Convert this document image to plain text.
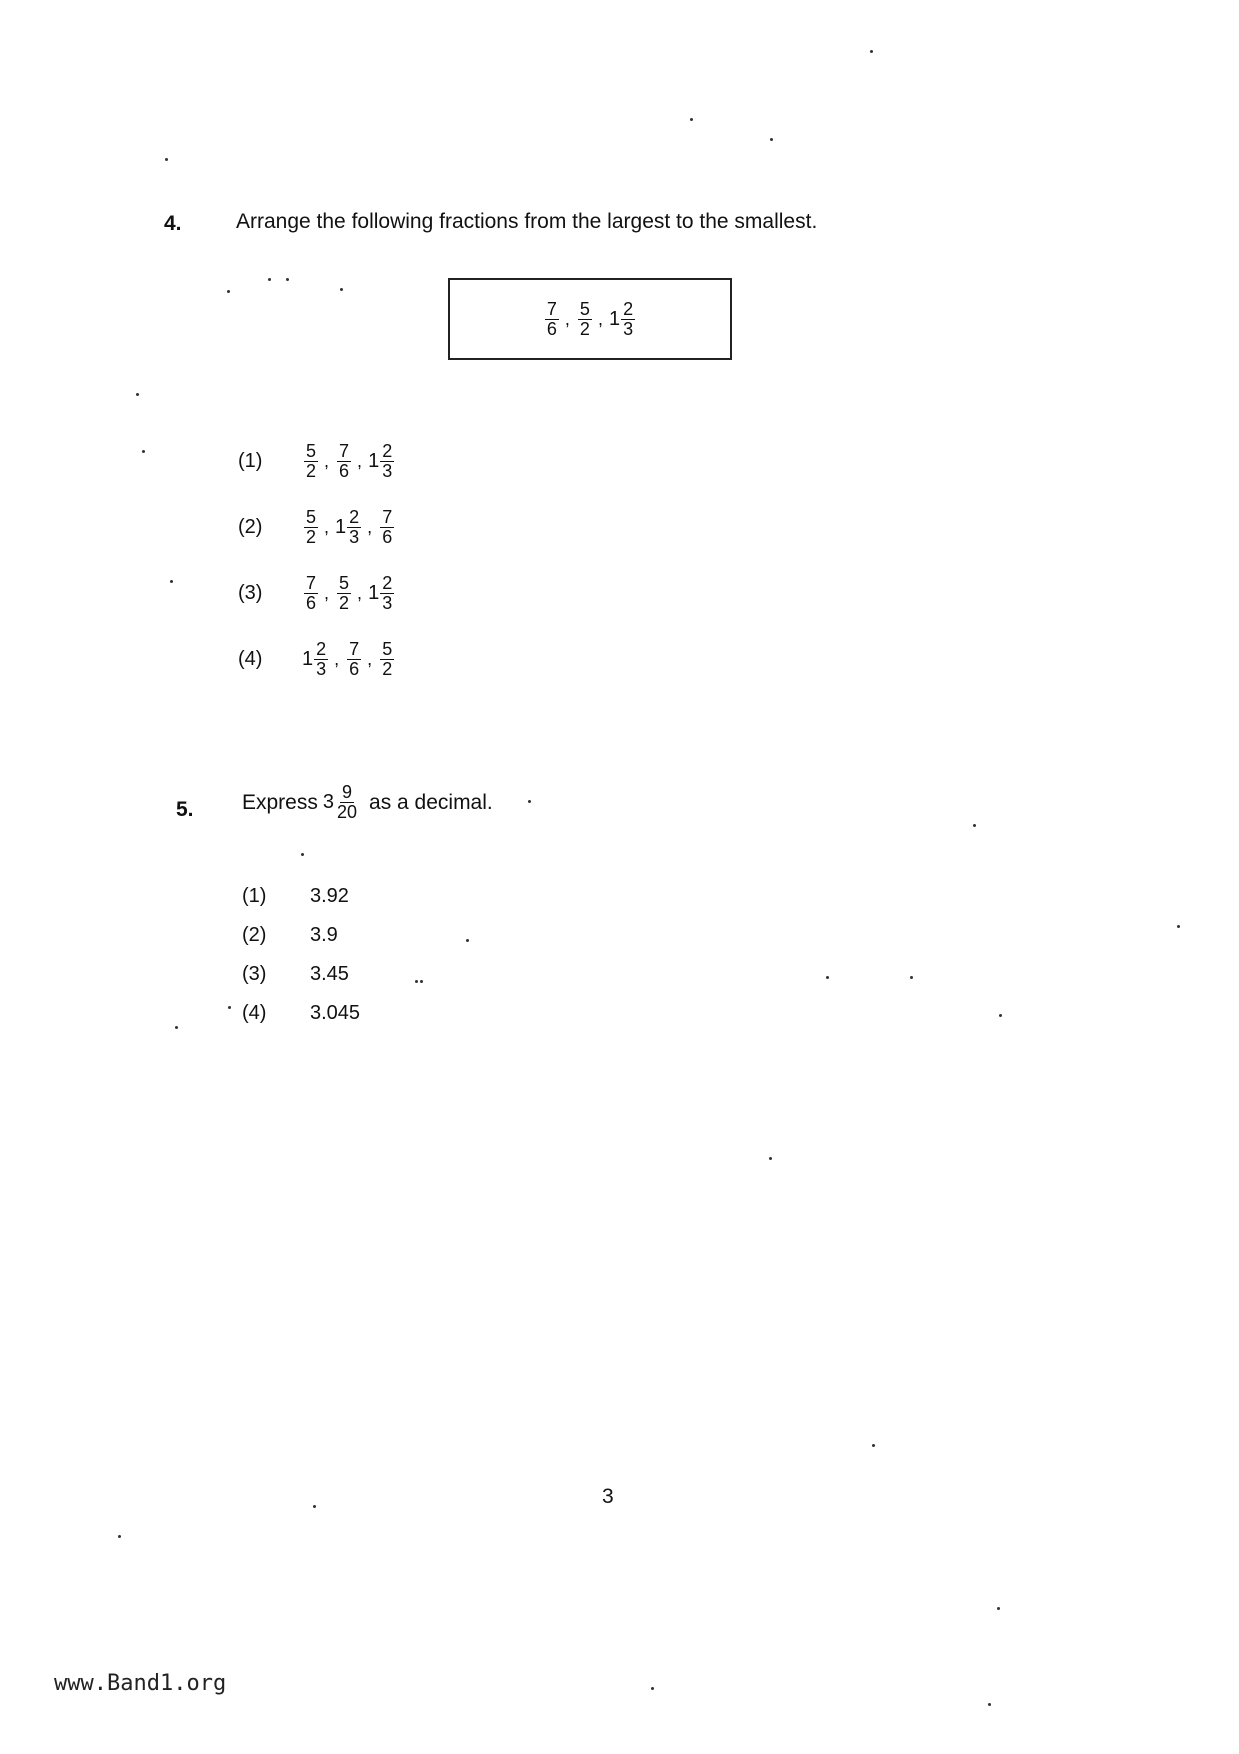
4.	Arrange the following fractions from the largest to the smallest.
$\frac{7}{6}$ , $\frac{5}{2}$ , $1 \frac{2}{3}$
(1)	$\frac{5}{2}$ , $\frac{7}{6}$ , $1 \frac{2}{3}$
(2)	$\frac{5}{2}$ , $1 \frac{2}{3}$ , $\frac{7}{6}$
(3)	$\frac{7}{6}$ , $\frac{5}{2}$ , $1 \frac{2}{3}$
(4)	$1 \frac{2}{3}$ , $\frac{7}{6}$ , $\frac{5}{2}$
5. Express $3 \frac{9}{20}$ as a decimal.
(1) 3.92
(2) 3.9
(3) 3.45
(4) 3.045
3
www.Band1.org
